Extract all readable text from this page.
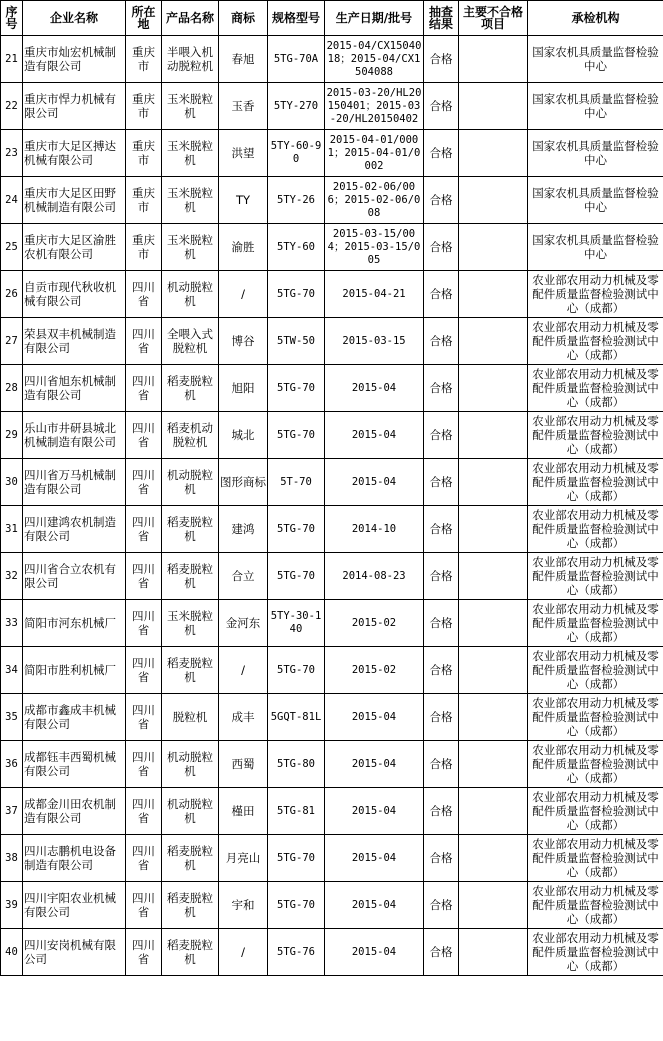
序号	企业名称	所在地	产品名称	商标	规格型号	生产日期/批号	抽查结果	主要不合格项目	承检机构
21	重庆市灿宏机械制造有限公司	重庆市	半喂入机动脱粒机	春旭	5TG-70A	2015-04/CX1504018；2015-04/CX1504088	合格		国家农机具质量监督检验中心
22	重庆市悍力机械有限公司	重庆市	玉米脱粒机	玉香	5TY-270	2015-03-20/HL20150401；2015-03-20/HL20150402	合格		国家农机具质量监督检验中心
23	重庆市大足区搏达机械有限公司	重庆市	玉米脱粒机	洪望	5TY-60-90	2015-04-01/0001；2015-04-01/0002	合格		国家农机具质量监督检验中心
24	重庆市大足区田野机械制造有限公司	重庆市	玉米脱粒机	TY	5TY-26	2015-02-06/006；2015-02-06/008	合格		国家农机具质量监督检验中心
25	重庆市大足区渝胜农机有限公司	重庆市	玉米脱粒机	渝胜	5TY-60	2015-03-15/004；2015-03-15/005	合格		国家农机具质量监督检验中心
26	自贡市现代秋收机械有限公司	四川省	机动脱粒机	/	5TG-70	2015-04-21	合格		农业部农用动力机械及零配件质量监督检验测试中心（成都）
27	荣县双丰机械制造有限公司	四川省	全喂入式脱粒机	博谷	5TW-50	2015-03-15	合格		农业部农用动力机械及零配件质量监督检验测试中心（成都）
28	四川省旭东机械制造有限公司	四川省	稻麦脱粒机	旭阳	5TG-70	2015-04	合格		农业部农用动力机械及零配件质量监督检验测试中心（成都）
29	乐山市井研县城北机械制造有限公司	四川省	稻麦机动脱粒机	城北	5TG-70	2015-04	合格		农业部农用动力机械及零配件质量监督检验测试中心（成都）
30	四川省万马机械制造有限公司	四川省	机动脱粒机	图形商标	5T-70	2015-04	合格		农业部农用动力机械及零配件质量监督检验测试中心（成都）
31	四川建鸿农机制造有限公司	四川省	稻麦脱粒机	建鸿	5TG-70	2014-10	合格		农业部农用动力机械及零配件质量监督检验测试中心（成都）
32	四川省合立农机有限公司	四川省	稻麦脱粒机	合立	5TG-70	2014-08-23	合格		农业部农用动力机械及零配件质量监督检验测试中心（成都）
33	简阳市河东机械厂	四川省	玉米脱粒机	金河东	5TY-30-140	2015-02	合格		农业部农用动力机械及零配件质量监督检验测试中心（成都）
34	简阳市胜利机械厂	四川省	稻麦脱粒机	/	5TG-70	2015-02	合格		农业部农用动力机械及零配件质量监督检验测试中心（成都）
35	成都市鑫成丰机械有限公司	四川省	脱粒机	成丰	5GQT-81L	2015-04	合格		农业部农用动力机械及零配件质量监督检验测试中心（成都）
36	成都钰丰西蜀机械有限公司	四川省	机动脱粒机	西蜀	5TG-80	2015-04	合格		农业部农用动力机械及零配件质量监督检验测试中心（成都）
37	成都金川田农机制造有限公司	四川省	机动脱粒机	槿田	5TG-81	2015-04	合格		农业部农用动力机械及零配件质量监督检验测试中心（成都）
38	四川志鹏机电设备制造有限公司	四川省	稻麦脱粒机	月亮山	5TG-70	2015-04	合格		农业部农用动力机械及零配件质量监督检验测试中心（成都）
39	四川宇阳农业机械有限公司	四川省	稻麦脱粒机	宇和	5TG-70	2015-04	合格		农业部农用动力机械及零配件质量监督检验测试中心（成都）
40	四川安岗机械有限公司	四川省	稻麦脱粒机	/	5TG-76	2015-04	合格		农业部农用动力机械及零配件质量监督检验测试中心（成都）
